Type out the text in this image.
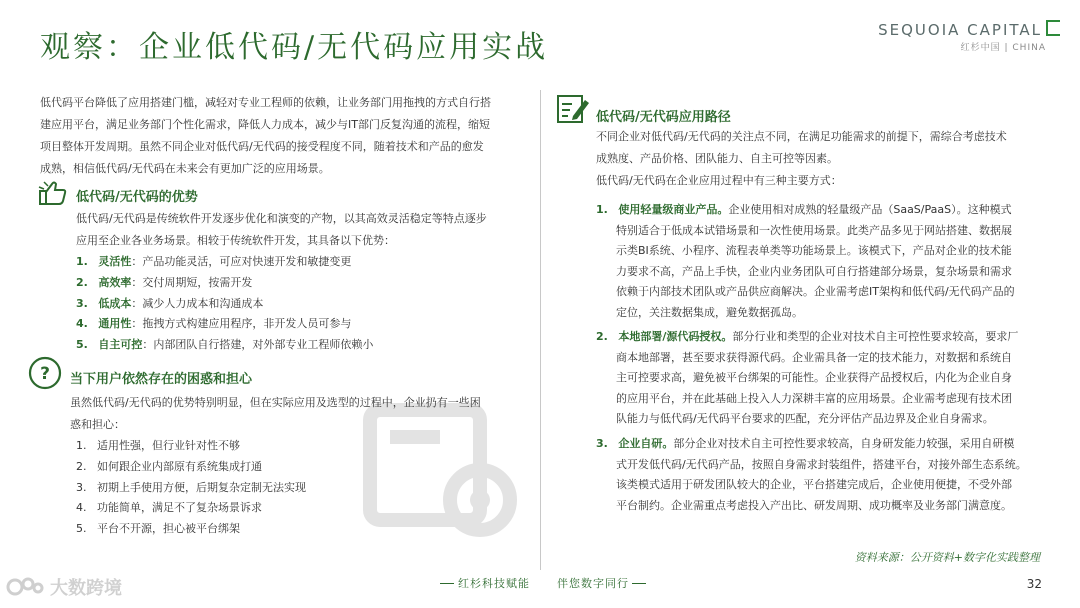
观察：企业低代码/无代码应用实战	SEQUOIA CAPITAL
红杉中国 | CHINA
低代码平台降低了应用搭建门槛，减轻对专业工程师的依赖，让业务部门用拖拽的方式自行搭
建应用平台，满足业务部门个性化需求，降低人力成本，减少与IT部门反复沟通的流程，缩短
项目整体开发周期。虽然不同企业对低代码/无代码的接受程度不同，随着技术和产品的愈发
成熟，相信低代码/无代码在未来会有更加广泛的应用场景。
低代码/无代码的优势
低代码/无代码是传统软件开发逐步优化和演变的产物，以其高效灵活稳定等特点逐步
应用至企业各业务场景。相较于传统软件开发，其具备以下优势：
1. 灵活性：产品功能灵活，可应对快速开发和敏捷变更
2. 高效率：交付周期短，按需开发
3. 低成本：减少人力成本和沟通成本
4. 通用性：拖拽方式构建应用程序，非开发人员可参与
5. 自主可控：内部团队自行搭建，对外部专业工程师依赖小
? 当下用户依然存在的困惑和担心
虽然低代码/无代码的优势特别明显，但在实际应用及选型的过程中，企业扔有一些困
惑和担心：
1. 适用性强，但行业针对性不够
2. 如何跟企业内部原有系统集成打通
3. 初期上手使用方便，后期复杂定制无法实现
4. 功能简单，满足不了复杂场景诉求
5. 平台不开源，担心被平台绑架
低代码/无代码应用路径
不同企业对低代码/无代码的关注点不同，在满足功能需求的前提下，需综合考虑技术
成熟度、产品价格、团队能力、自主可控等因素。
低代码/无代码在企业应用过程中有三种主要方式：
1. 使用轻量级商业产品。企业使用相对成熟的轻量级产品（SaaS/PaaS）。这种模式
特别适合于低成本试错场景和一次性使用场景。此类产品多见于网站搭建、数据展
示类BI系统、小程序、流程表单类等功能场景上。该模式下，产品对企业的技术能
力要求不高，产品上手快，企业内业务团队可自行搭建部分场景，复杂场景和需求
依赖于内部技术团队或产品供应商解决。企业需考虑IT架构和低代码/无代码产品的
定位，关注数据集成，避免数据孤岛。
2. 本地部署/源代码授权。部分行业和类型的企业对技术自主可控性要求较高，要求厂
商本地部署，甚至要求获得源代码。企业需具备一定的技术能力，对数据和系统自
主可控要求高，避免被平台绑架的可能性。企业获得产品授权后，内化为企业自身
的应用平台，并在此基础上投入人力深耕丰富的应用场景。企业需考虑现有技术团
队能力与低代码/无代码平台要求的匹配，充分评估产品边界及企业自身需求。
3. 企业自研。部分企业对技术自主可控性要求较高，自身研发能力较强，采用自研模
式开发低代码/无代码产品，按照自身需求封装组件，搭建平台，对接外部生态系统。
该类模式适用于研发团队较大的企业，平台搭建完成后，企业使用便捷，不受外部
平台制约。企业需重点考虑投入产出比、研发周期、成功概率及业务部门满意度。
资料来源：公开资料+数字化实践整理
红杉科技赋能 伴您数字同行	32
大数跨境
